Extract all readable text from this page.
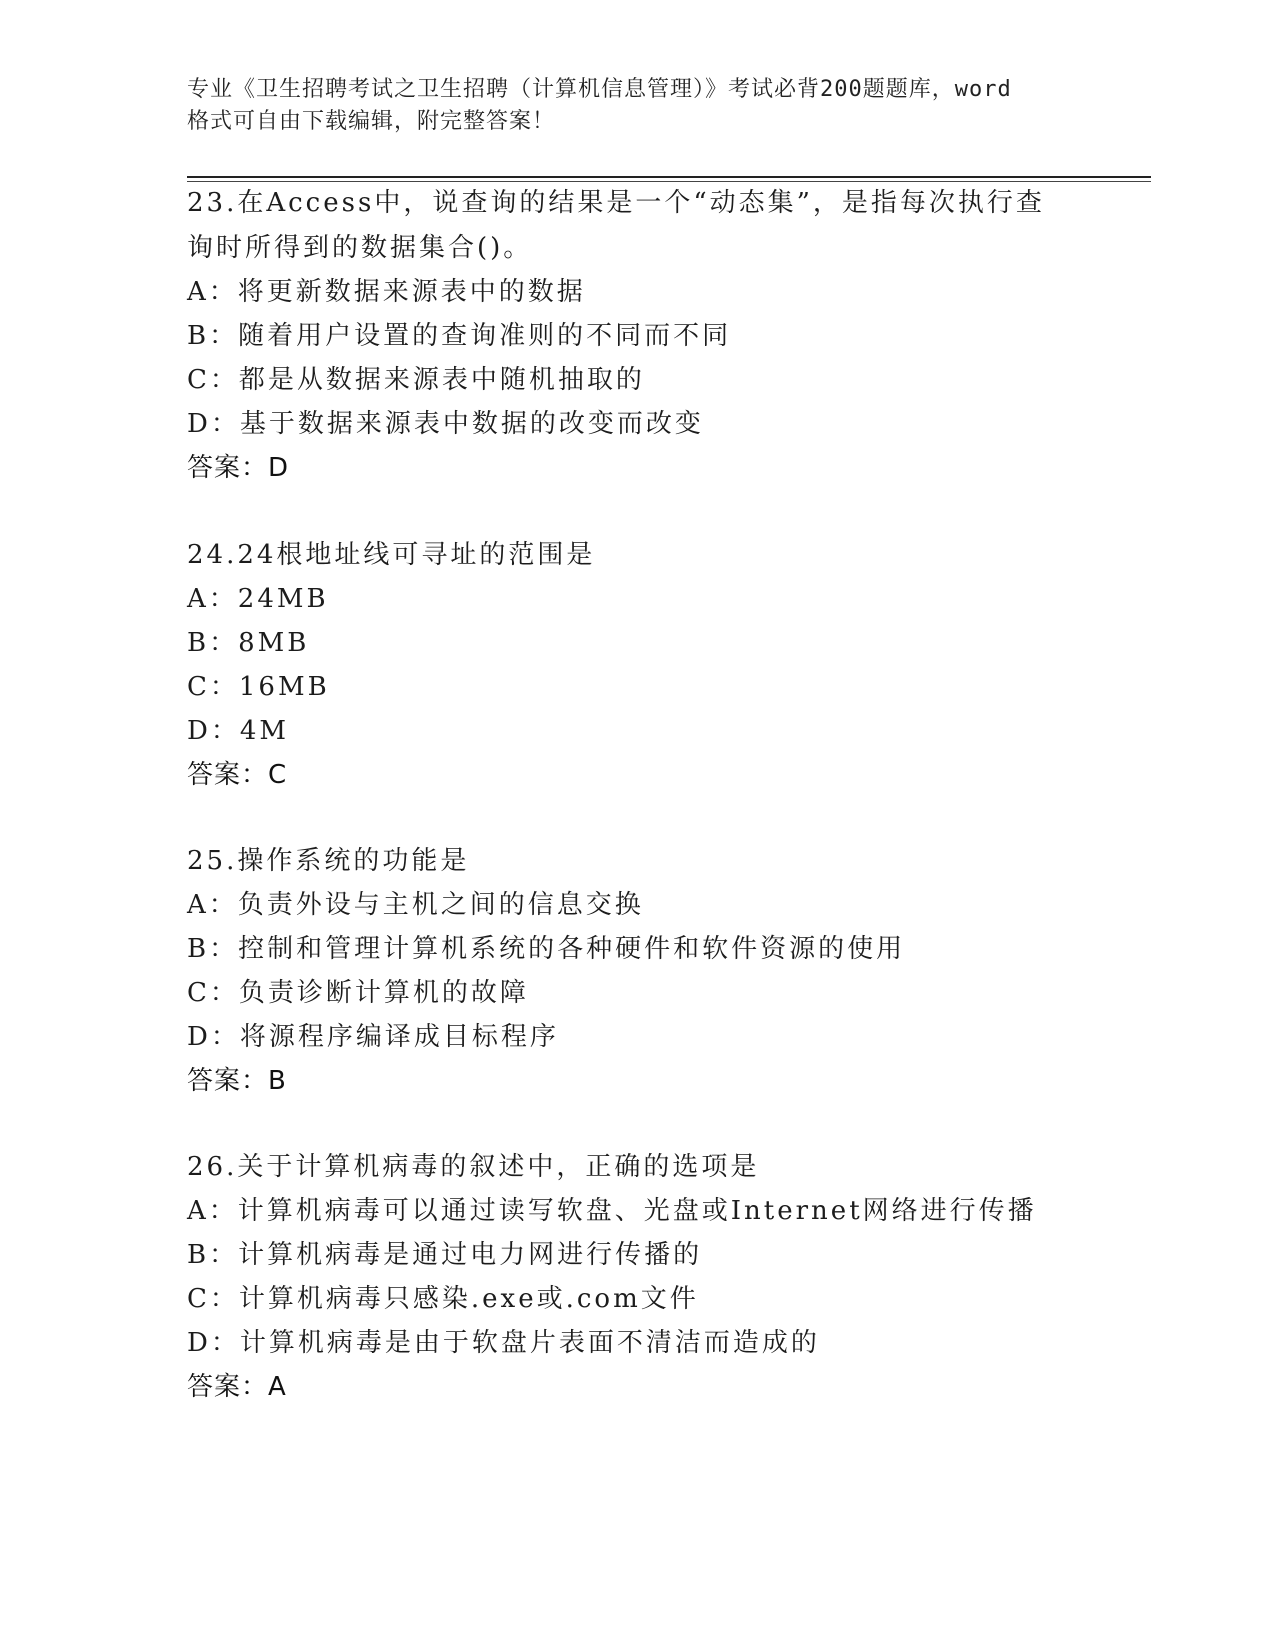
专业《卫生招聘考试之卫生招聘（计算机信息管理）》考试必背200题题库，word
格式可自由下载编辑，附完整答案！
23.在Access中，说查询的结果是一个“动态集”，是指每次执行查
询时所得到的数据集合()。
A：将更新数据来源表中的数据
B：随着用户设置的查询准则的不同而不同
C：都是从数据来源表中随机抽取的
D：基于数据来源表中数据的改变而改变
答案：D
24.24根地址线可寻址的范围是
A：24MB
B：8MB
C：16MB
D：4M
答案：C
25.操作系统的功能是
A：负责外设与主机之间的信息交换
B：控制和管理计算机系统的各种硬件和软件资源的使用
C：负责诊断计算机的故障
D：将源程序编译成目标程序
答案：B
26.关于计算机病毒的叙述中，正确的选项是
A：计算机病毒可以通过读写软盘、光盘或Internet网络进行传播
B：计算机病毒是通过电力网进行传播的
C：计算机病毒只感染.exe或.com文件
D：计算机病毒是由于软盘片表面不清洁而造成的
答案：A
